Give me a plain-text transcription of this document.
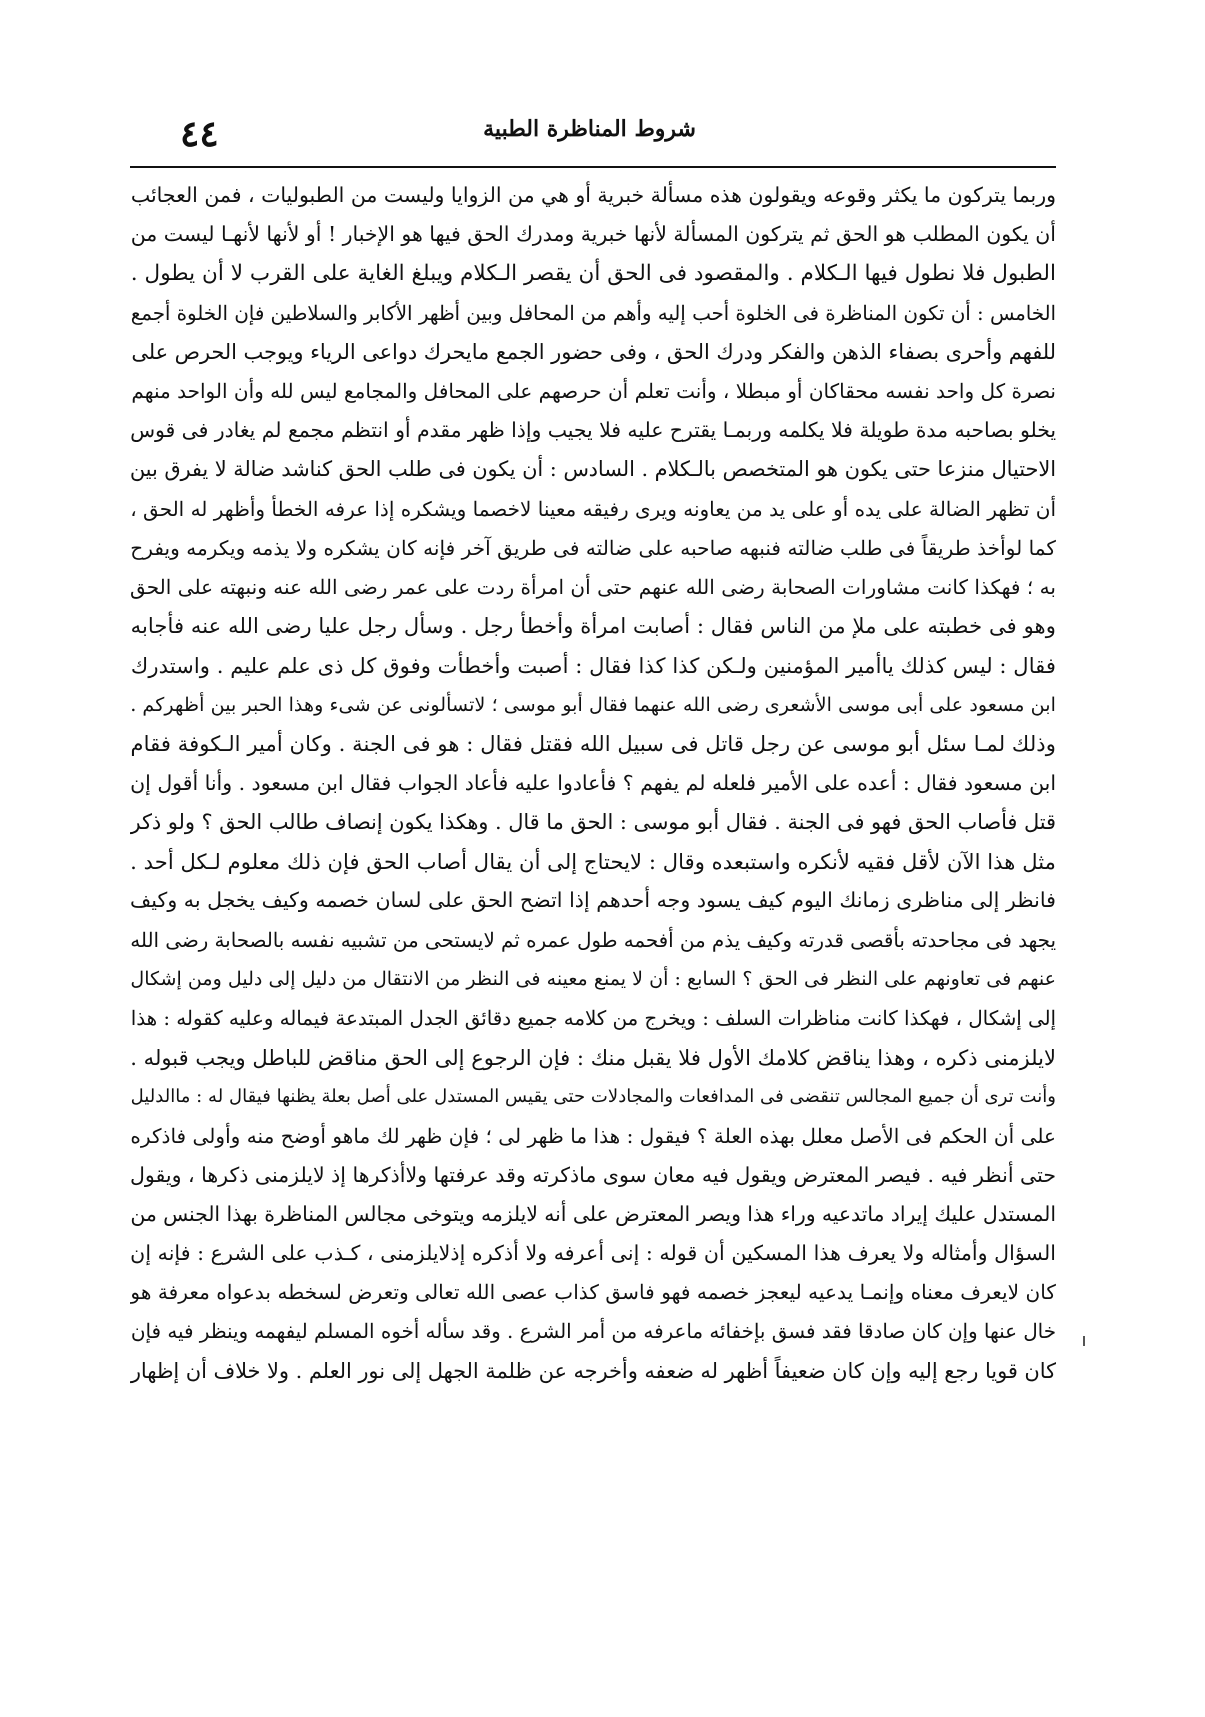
شروط المناظرة الطبية
٤٤
وربما يتركون ما يكثر وقوعه ويقولون هذه مسألة خبرية أو هي من الزوايا وليست من الطبوليات ، فمن العجائب
أن يكون المطلب هو الحق ثم يتركون المسألة لأنها خبرية ومدرك الحق فيها هو الإخبار ! أو لأنها لأنهـا ليست من
الطبول فلا نطول فيها الـكلام . والمقصود فى الحق أن يقصر الـكلام ويبلغ الغاية على القرب لا أن يطول .
الخامس : أن تكون المناظرة فى الخلوة أحب إليه وأهم من المحافل وبين أظهر الأكابر والسلاطين فإن الخلوة أجمع
للفهم وأحرى بصفاء الذهن والفكر ودرك الحق ، وفى حضور الجمع مايحرك دواعى الرياء ويوجب الحرص على
نصرة كل واحد نفسه محقاكان أو مبطلا ، وأنت تعلم أن حرصهم على المحافل والمجامع ليس لله وأن الواحد منهم
يخلو بصاحبه مدة طويلة فلا يكلمه وربمـا يقترح عليه فلا يجيب وإذا ظهر مقدم أو انتظم مجمع لم يغادر فى قوس
الاحتيال منزعا حتى يكون هو المتخصص بالـكلام . السادس : أن يكون فى طلب الحق كناشد ضالة لا يفرق بين
أن تظهر الضالة على يده أو على يد من يعاونه ويرى رفيقه معينا لاخصما ويشكره إذا عرفه الخطأ وأظهر له الحق ،
كما لوأخذ طريقاً فى طلب ضالته فنبهه صاحبه على ضالته فى طريق آخر فإنه كان يشكره ولا يذمه ويكرمه ويفرح
به ؛ فهكذا كانت مشاورات الصحابة رضى الله عنهم حتى أن امرأة ردت على عمر رضى الله عنه ونبهته على الحق
وهو فى خطبته على ملإ من الناس فقال : أصابت امرأة وأخطأ رجل . وسأل رجل عليا رضى الله عنه فأجابه
فقال : ليس كذلك ياأمير المؤمنين ولـكن كذا كذا فقال : أصبت وأخطأت وفوق كل ذى علم عليم . واستدرك
ابن مسعود على أبى موسى الأشعرى رضى الله عنهما فقال أبو موسى ؛ لاتسألونى عن شىء وهذا الحبر بين أظهركم .
وذلك لمـا سئل أبو موسى عن رجل قاتل فى سبيل الله فقتل فقال : هو فى الجنة . وكان أمير الـكوفة فقام
ابن مسعود فقال : أعده على الأمير فلعله لم يفهم ؟ فأعادوا عليه فأعاد الجواب فقال ابن مسعود . وأنا أقول إن
قتل فأصاب الحق فهو فى الجنة . فقال أبو موسى : الحق ما قال . وهكذا يكون إنصاف طالب الحق ؟ ولو ذكر
مثل هذا الآن لأقل فقيه لأنكره واستبعده وقال : لايحتاج إلى أن يقال أصاب الحق فإن ذلك معلوم لـكل أحد .
فانظر إلى مناظرى زمانك اليوم كيف يسود وجه أحدهم إذا اتضح الحق على لسان خصمه وكيف يخجل به وكيف
يجهد فى مجاحدته بأقصى قدرته وكيف يذم من أفحمه طول عمره ثم لايستحى من تشبيه نفسه بالصحابة رضى الله
عنهم فى تعاونهم على النظر فى الحق ؟ السابع : أن لا يمنع معينه فى النظر من الانتقال من دليل إلى دليل ومن إشكال
إلى إشكال ، فهكذا كانت مناظرات السلف : ويخرج من كلامه جميع دقائق الجدل المبتدعة فيماله وعليه كقوله : هذا
لايلزمنى ذكره ، وهذا يناقض كلامك الأول فلا يقبل منك : فإن الرجوع إلى الحق مناقض للباطل ويجب قبوله .
وأنت ترى أن جميع المجالس تنقضى فى المدافعات والمجادلات حتى يقيس المستدل على أصل بعلة يظنها فيقال له : ماالدليل
على أن الحكم فى الأصل معلل بهذه العلة ؟ فيقول : هذا ما ظهر لى ؛ فإن ظهر لك ماهو أوضح منه وأولى فاذكره
حتى أنظر فيه . فيصر المعترض ويقول فيه معان سوى ماذكرته وقد عرفتها ولاأذكرها إذ لايلزمنى ذكرها ، ويقول
المستدل عليك إيراد ماتدعيه وراء هذا ويصر المعترض على أنه لايلزمه ويتوخى مجالس المناظرة بهذا الجنس من
السؤال وأمثاله ولا يعرف هذا المسكين أن قوله : إنى أعرفه ولا أذكره إذلايلزمنى ، كـذب على الشرع : فإنه إن
كان لايعرف معناه وإنمـا يدعيه ليعجز خصمه فهو فاسق كذاب عصى الله تعالى وتعرض لسخطه بدعواه معرفة هو
خال عنها وإن كان صادقا فقد فسق بإخفائه ماعرفه من أمر الشرع . وقد سأله أخوه المسلم ليفهمه وينظر فيه فإن
كان قويا رجع إليه وإن كان ضعيفاً أظهر له ضعفه وأخرجه عن ظلمة الجهل إلى نور العلم . ولا خلاف أن إظهار
